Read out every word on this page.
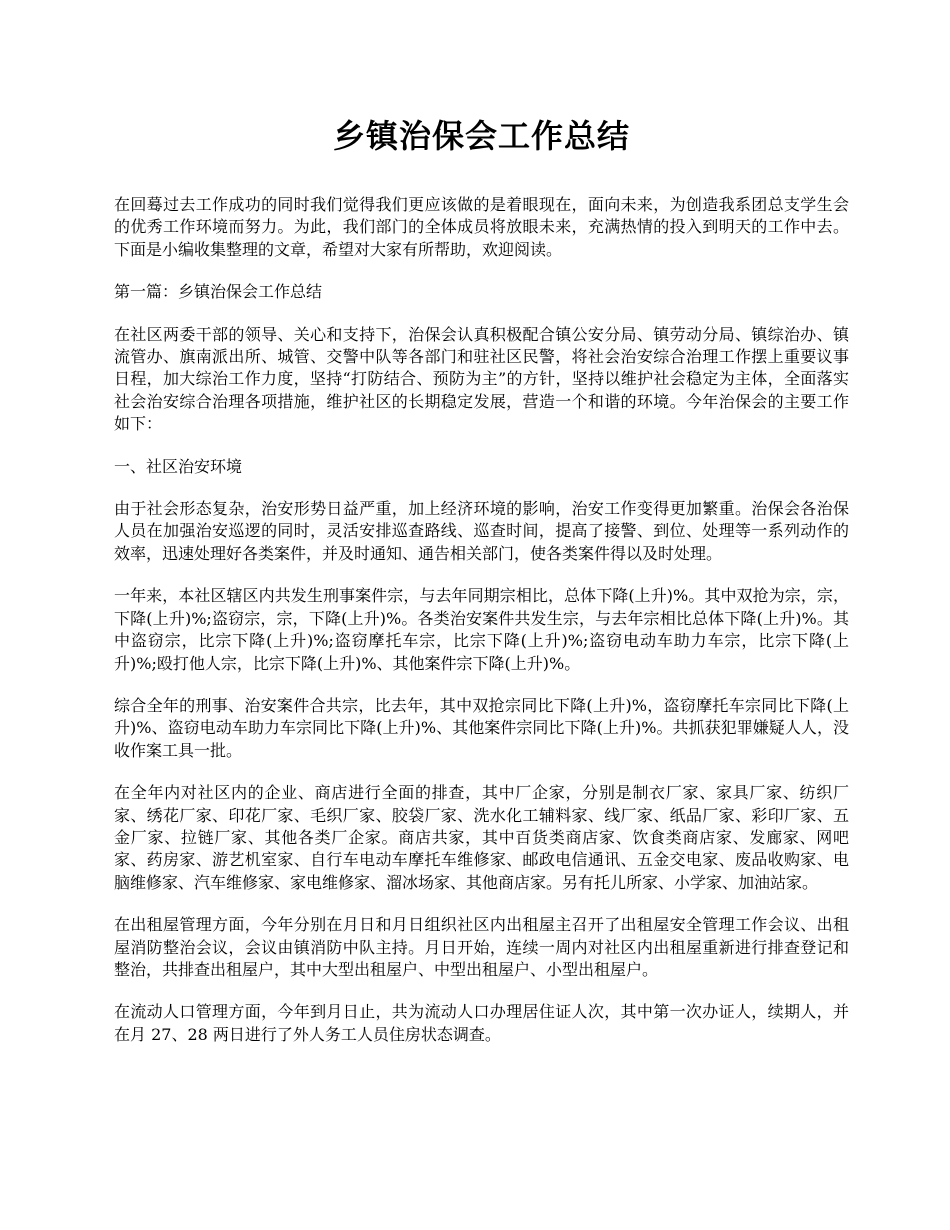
乡镇治保会工作总结

在回蓦过去工作成功的同时我们觉得我们更应该做的是着眼现在，面向未来，为创造我系团总支学生会的优秀工作环境而努力。为此，我们部门的全体成员将放眼未来，充满热情的投入到明天的工作中去。下面是小编收集整理的文章，希望对大家有所帮助，欢迎阅读。

第一篇：乡镇治保会工作总结

在社区两委干部的领导、关心和支持下，治保会认真积极配合镇公安分局、镇劳动分局、镇综治办、镇流管办、旗南派出所、城管、交警中队等各部门和驻社区民警，将社会治安综合治理工作摆上重要议事日程，加大综治工作力度，坚持“打防结合、预防为主”的方针，坚持以维护社会稳定为主体，全面落实社会治安综合治理各项措施，维护社区的长期稳定发展，营造一个和谐的环境。今年治保会的主要工作如下：

一、社区治安环境

由于社会形态复杂，治安形势日益严重，加上经济环境的影响，治安工作变得更加繁重。治保会各治保人员在加强治安巡逻的同时，灵活安排巡查路线、巡查时间，提高了接警、到位、处理等一系列动作的效率，迅速处理好各类案件，并及时通知、通告相关部门，使各类案件得以及时处理。

一年来，本社区辖区内共发生刑事案件宗，与去年同期宗相比，总体下降(上升)%。其中双抢为宗，宗，下降(上升)%;盗窃宗，宗，下降(上升)%。各类治安案件共发生宗，与去年宗相比总体下降(上升)%。其中盗窃宗，比宗下降(上升)%;盗窃摩托车宗，比宗下降(上升)%;盗窃电动车助力车宗，比宗下降(上升)%;殴打他人宗，比宗下降(上升)%、其他案件宗下降(上升)%。

综合全年的刑事、治安案件合共宗，比去年，其中双抢宗同比下降(上升)%，盗窃摩托车宗同比下降(上升)%、盗窃电动车助力车宗同比下降(上升)%、其他案件宗同比下降(上升)%。共抓获犯罪嫌疑人人，没收作案工具一批。

在全年内对社区内的企业、商店进行全面的排查，其中厂企家，分别是制衣厂家、家具厂家、纺织厂家、绣花厂家、印花厂家、毛织厂家、胶袋厂家、洗水化工辅料家、线厂家、纸品厂家、彩印厂家、五金厂家、拉链厂家、其他各类厂企家。商店共家，其中百货类商店家、饮食类商店家、发廊家、网吧家、药房家、游艺机室家、自行车电动车摩托车维修家、邮政电信通讯、五金交电家、废品收购家、电脑维修家、汽车维修家、家电维修家、溜冰场家、其他商店家。另有托儿所家、小学家、加油站家。

在出租屋管理方面，今年分别在月日和月日组织社区内出租屋主召开了出租屋安全管理工作会议、出租屋消防整治会议，会议由镇消防中队主持。月日开始，连续一周内对社区内出租屋重新进行排查登记和整治，共排查出租屋户，其中大型出租屋户、中型出租屋户、小型出租屋户。

在流动人口管理方面，今年到月日止，共为流动人口办理居住证人次，其中第一次办证人，续期人，并在月 27、28 两日进行了外人务工人员住房状态调查。
